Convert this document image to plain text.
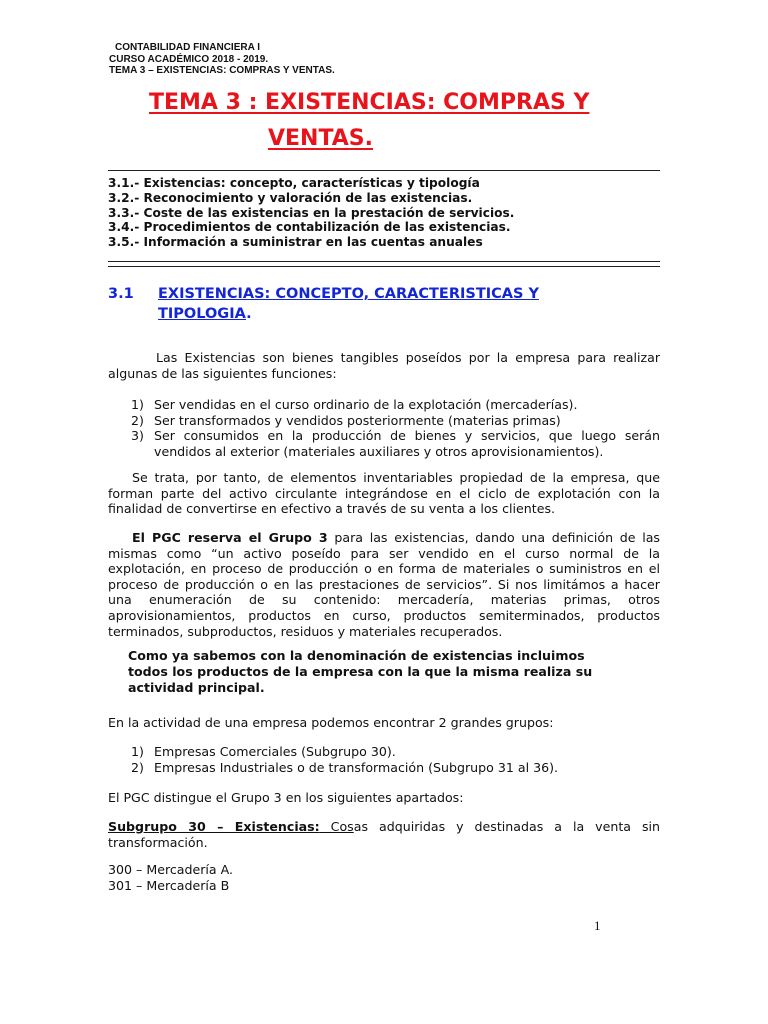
CONTABILIDAD FINANCIERA I
CURSO ACADÉMICO 2018 - 2019.
TEMA 3 – EXISTENCIAS: COMPRAS Y VENTAS.
TEMA 3 : EXISTENCIAS: COMPRAS Y
VENTAS.
3.1.- Existencias: concepto, características y tipología
3.2.- Reconocimiento y valoración de las existencias.
3.3.- Coste de las existencias en la prestación de servicios.
3.4.- Procedimientos de contabilización de las existencias.
3.5.- Información a suministrar en las cuentas anuales
3.1 EXISTENCIAS: CONCEPTO, CARACTERISTICAS Y
TIPOLOGIA.
Las Existencias son bienes tangibles poseídos por la empresa para realizar algunas de las siguientes funciones:
1) Ser vendidas en el curso ordinario de la explotación (mercaderías).
2) Ser transformados y vendidos posteriormente (materias primas)
3) Ser consumidos en la producción de bienes y servicios, que luego serán vendidos al exterior (materiales auxiliares y otros aprovisionamientos).
Se trata, por tanto, de elementos inventariables propiedad de la empresa, que forman parte del activo circulante integrándose en el ciclo de explotación con la finalidad de convertirse en efectivo a través de su venta a los clientes.
El PGC reserva el Grupo 3 para las existencias, dando una definición de las mismas como “un activo poseído para ser vendido en el curso normal de la explotación, en proceso de producción o en forma de materiales o suministros en el proceso de producción o en las prestaciones de servicios”. Si nos limitámos a hacer una enumeración de su contenido: mercadería, materias primas, otros aprovisionamientos, productos en curso, productos semiterminados, productos terminados, subproductos, residuos y materiales recuperados.
Como ya sabemos con la denominación de existencias incluimos todos los productos de la empresa con la que la misma realiza su actividad principal.
En la actividad de una empresa podemos encontrar 2 grandes grupos:
1) Empresas Comerciales (Subgrupo 30).
2) Empresas Industriales o de transformación (Subgrupo 31 al 36).
El PGC distingue el Grupo 3 en los siguientes apartados:
Subgrupo 30 – Existencias: Cosas adquiridas y destinadas a la venta sin transformación.
300 – Mercadería A.
301 – Mercadería B
1
